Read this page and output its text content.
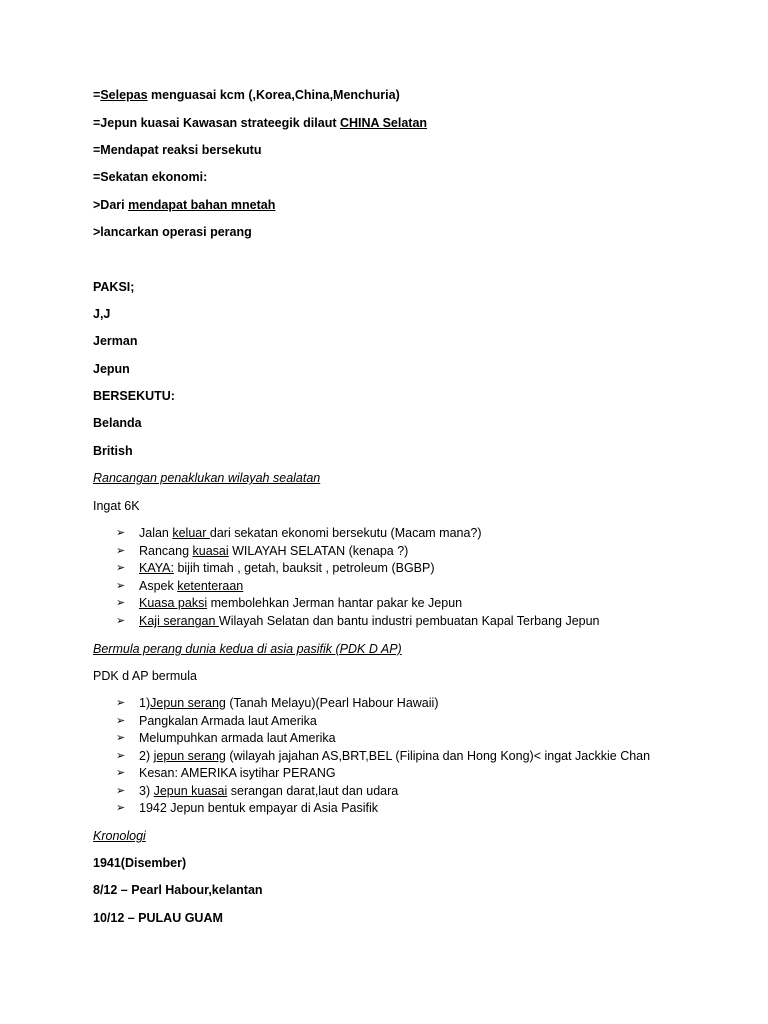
=Selepas menguasai kcm (,Korea,China,Menchuria)

=Jepun kuasai Kawasan strateegik dilaut CHINA Selatan

=Mendapat reaksi bersekutu

=Sekatan ekonomi:

>Dari mendapat bahan mnetah

>lancarkan operasi perang

PAKSI;

J,J

Jerman

Jepun

BERSEKUTU:

Belanda

British

Rancangan penaklukan wilayah sealatan

Ingat 6K

➢ Jalan keluar dari sekatan ekonomi bersekutu (Macam mana?)
➢ Rancang kuasai WILAYAH SELATAN (kenapa ?)
➢ KAYA: bijih timah , getah, bauksit , petroleum (BGBP)
➢ Aspek ketenteraan
➢ Kuasa paksi membolehkan Jerman hantar pakar ke Jepun
➢ Kaji serangan Wilayah Selatan dan bantu industri pembuatan Kapal Terbang Jepun

Bermula perang dunia kedua di asia pasifik (PDK D AP)

PDK d AP bermula

➢ 1)Jepun serang (Tanah Melayu)(Pearl Habour Hawaii)
➢ Pangkalan Armada laut Amerika
➢ Melumpuhkan armada laut Amerika
➢ 2) jepun serang (wilayah jajahan AS,BRT,BEL (Filipina dan Hong Kong)< ingat Jackkie Chan
➢ Kesan: AMERIKA isytihar PERANG
➢ 3) Jepun kuasai serangan darat,laut dan udara
➢ 1942 Jepun bentuk empayar di Asia Pasifik

Kronologi

1941(Disember)

8/12 – Pearl Habour,kelantan

10/12 – PULAU GUAM
